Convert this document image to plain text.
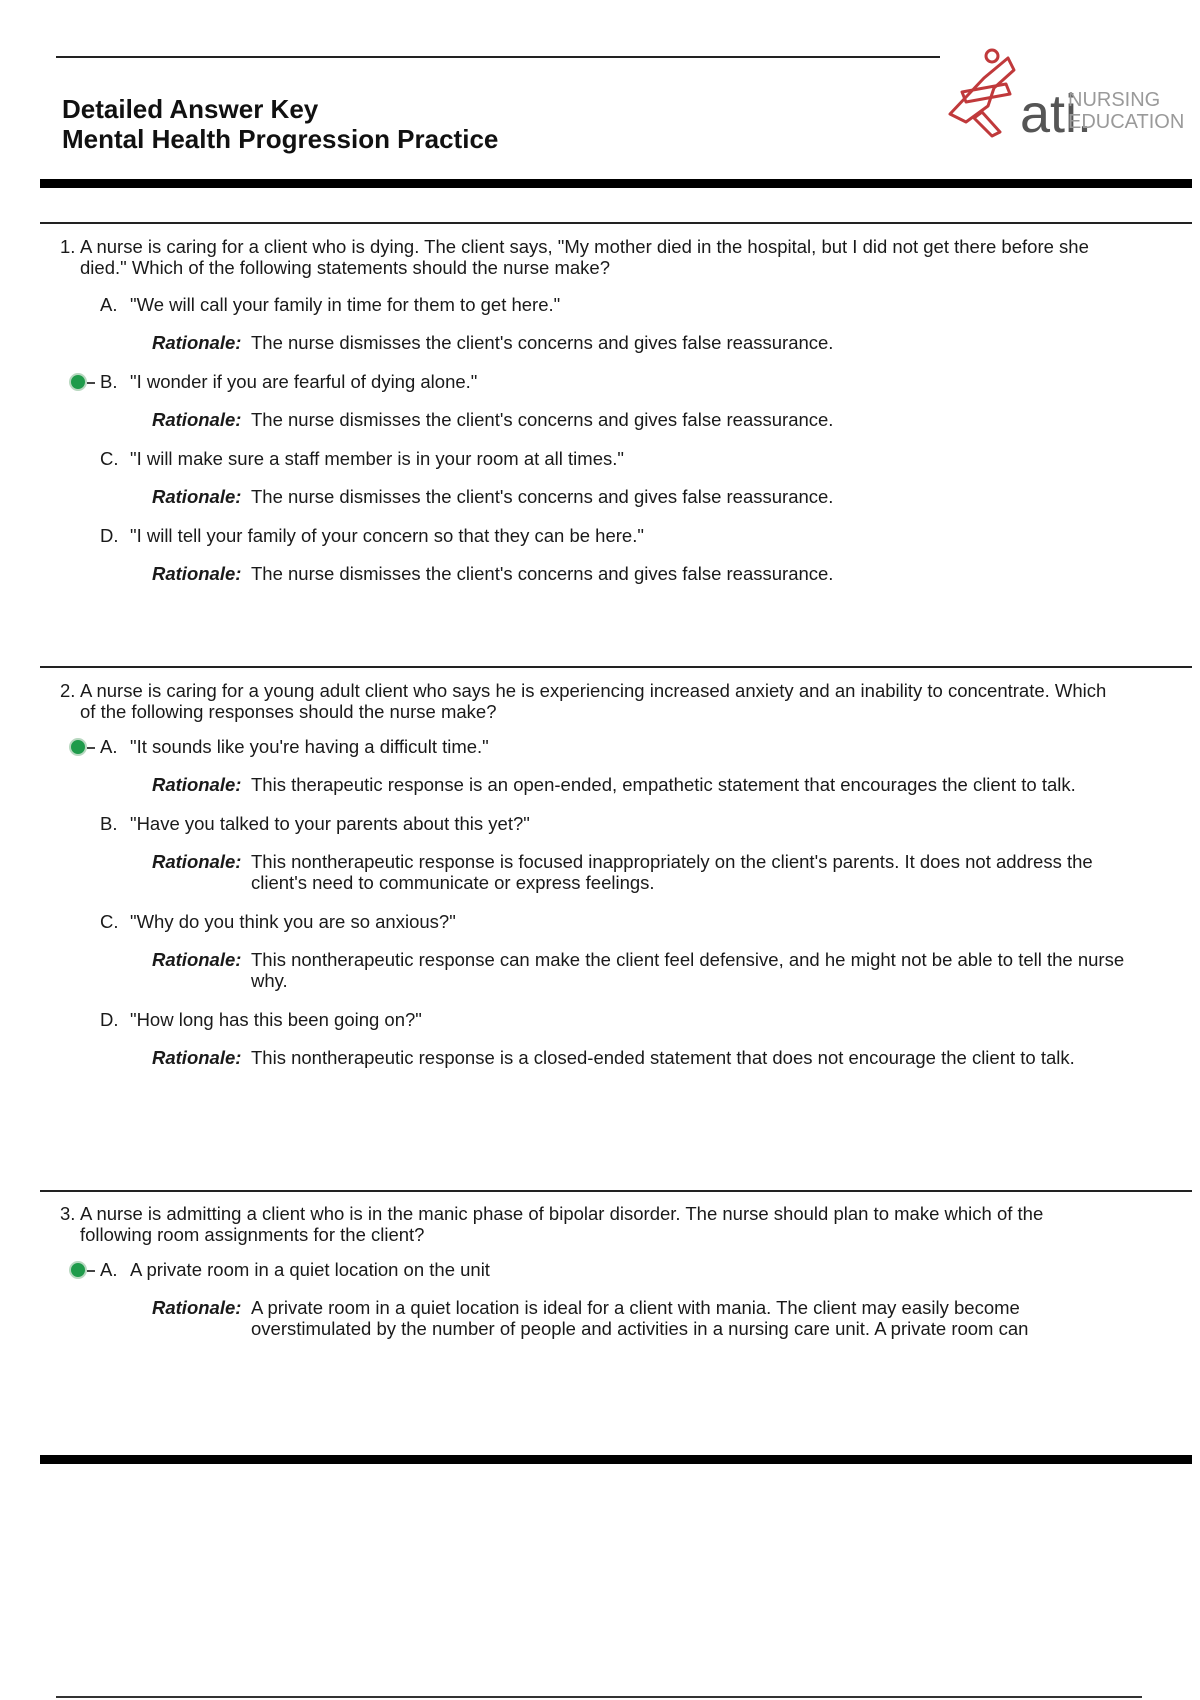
Detailed Answer Key
Mental Health Progression Practice	ati.
NURSING
EDUCATION
1. A nurse is caring for a client who is dying. The client says, "My mother died in the hospital, but I did not get there before she died." Which of the following statements should the nurse make?
A. "We will call your family in time for them to get here."
Rationale: The nurse dismisses the client's concerns and gives false reassurance.
B. "I wonder if you are fearful of dying alone."
Rationale: The nurse dismisses the client's concerns and gives false reassurance.
C. "I will make sure a staff member is in your room at all times."
Rationale: The nurse dismisses the client's concerns and gives false reassurance.
D. "I will tell your family of your concern so that they can be here."
Rationale: The nurse dismisses the client's concerns and gives false reassurance.
2. A nurse is caring for a young adult client who says he is experiencing increased anxiety and an inability to concentrate. Which of the following responses should the nurse make?
A. "It sounds like you're having a difficult time."
Rationale: This therapeutic response is an open-ended, empathetic statement that encourages the client to talk.
B. "Have you talked to your parents about this yet?"
Rationale: This nontherapeutic response is focused inappropriately on the client's parents. It does not address the client's need to communicate or express feelings.
C. "Why do you think you are so anxious?"
Rationale: This nontherapeutic response can make the client feel defensive, and he might not be able to tell the nurse why.
D. "How long has this been going on?"
Rationale: This nontherapeutic response is a closed-ended statement that does not encourage the client to talk.
3. A nurse is admitting a client who is in the manic phase of bipolar disorder. The nurse should plan to make which of the following room assignments for the client?
A. A private room in a quiet location on the unit
Rationale: A private room in a quiet location is ideal for a client with mania. The client may easily become overstimulated by the number of people and activities in a nursing care unit. A private room can
